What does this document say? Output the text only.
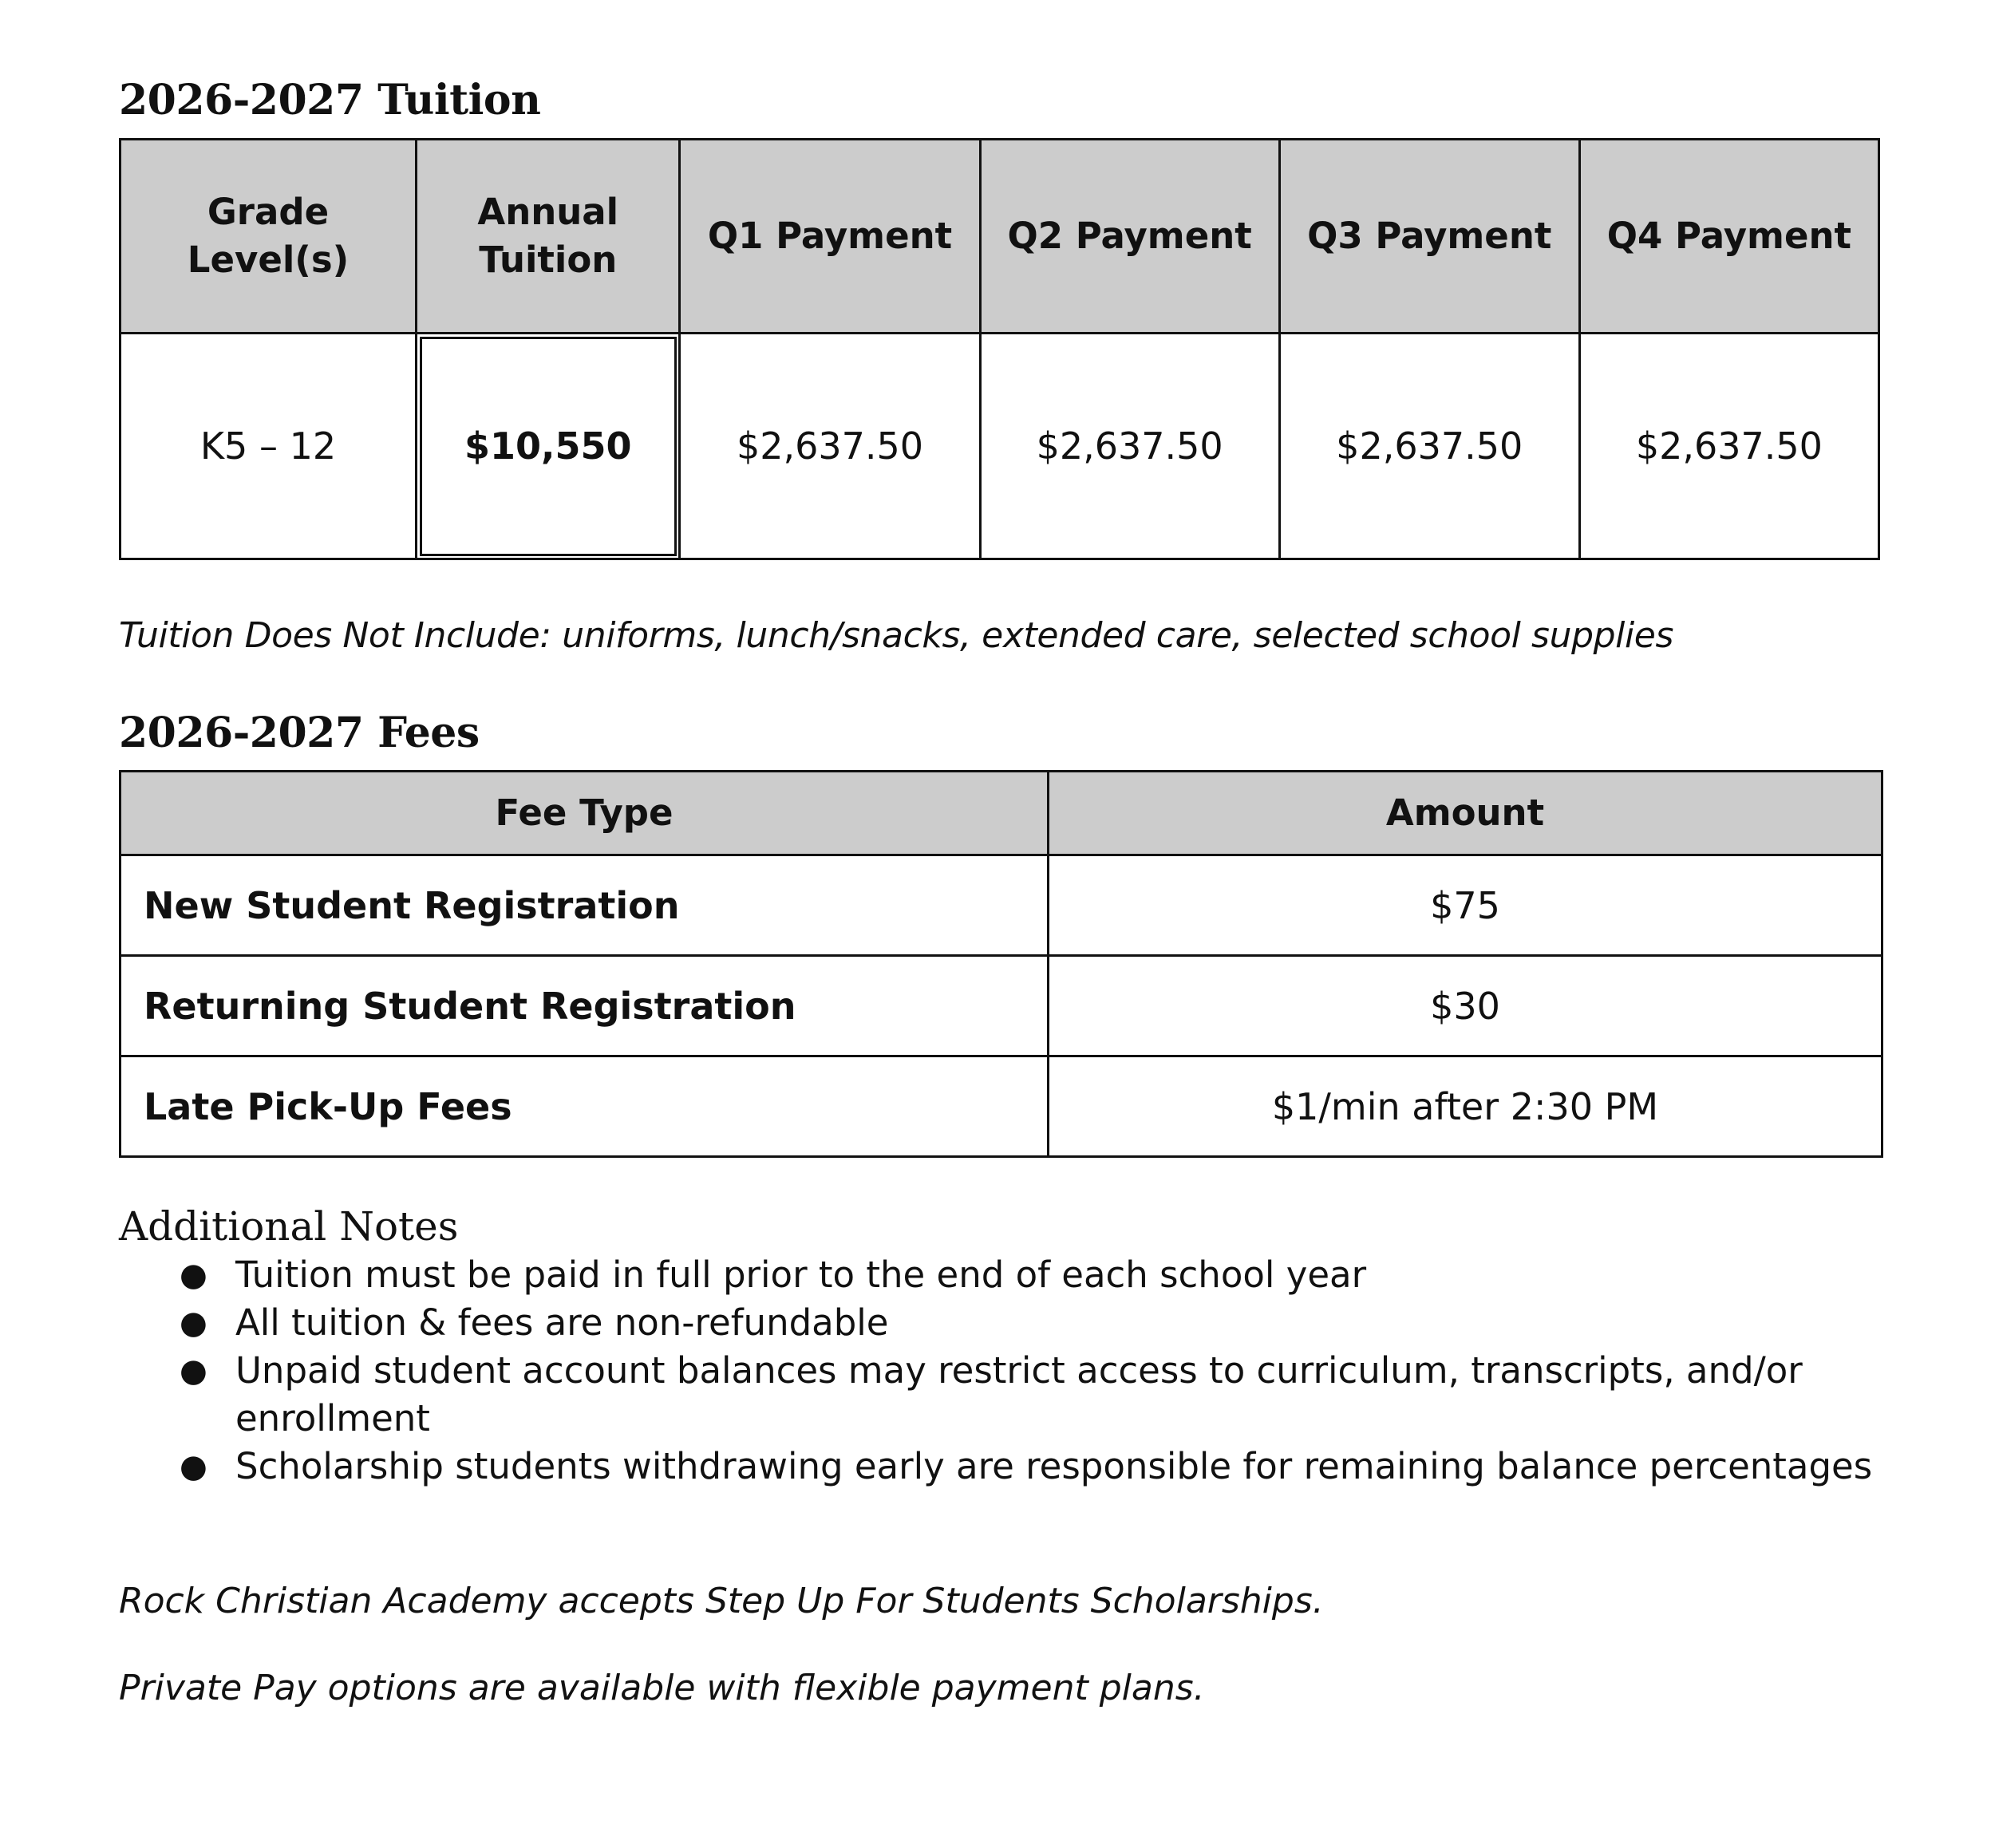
2026-2027 Tuition
Grade Level(s)	Annual Tuition	Q1 Payment	Q2 Payment	Q3 Payment	Q4 Payment
K5 – 12	$10,550	$2,637.50	$2,637.50	$2,637.50	$2,637.50
Tuition Does Not Include: uniforms, lunch/snacks, extended care, selected school supplies
2026-2027 Fees
Fee Type	Amount
New Student Registration	$75
Returning Student Registration	$30
Late Pick-Up Fees	$1/min after 2:30 PM
Additional Notes
● Tuition must be paid in full prior to the end of each school year
● All tuition & fees are non-refundable
● Unpaid student account balances may restrict access to curriculum, transcripts, and/or enrollment
● Scholarship students withdrawing early are responsible for remaining balance percentages
Rock Christian Academy accepts Step Up For Students Scholarships.
Private Pay options are available with flexible payment plans.
